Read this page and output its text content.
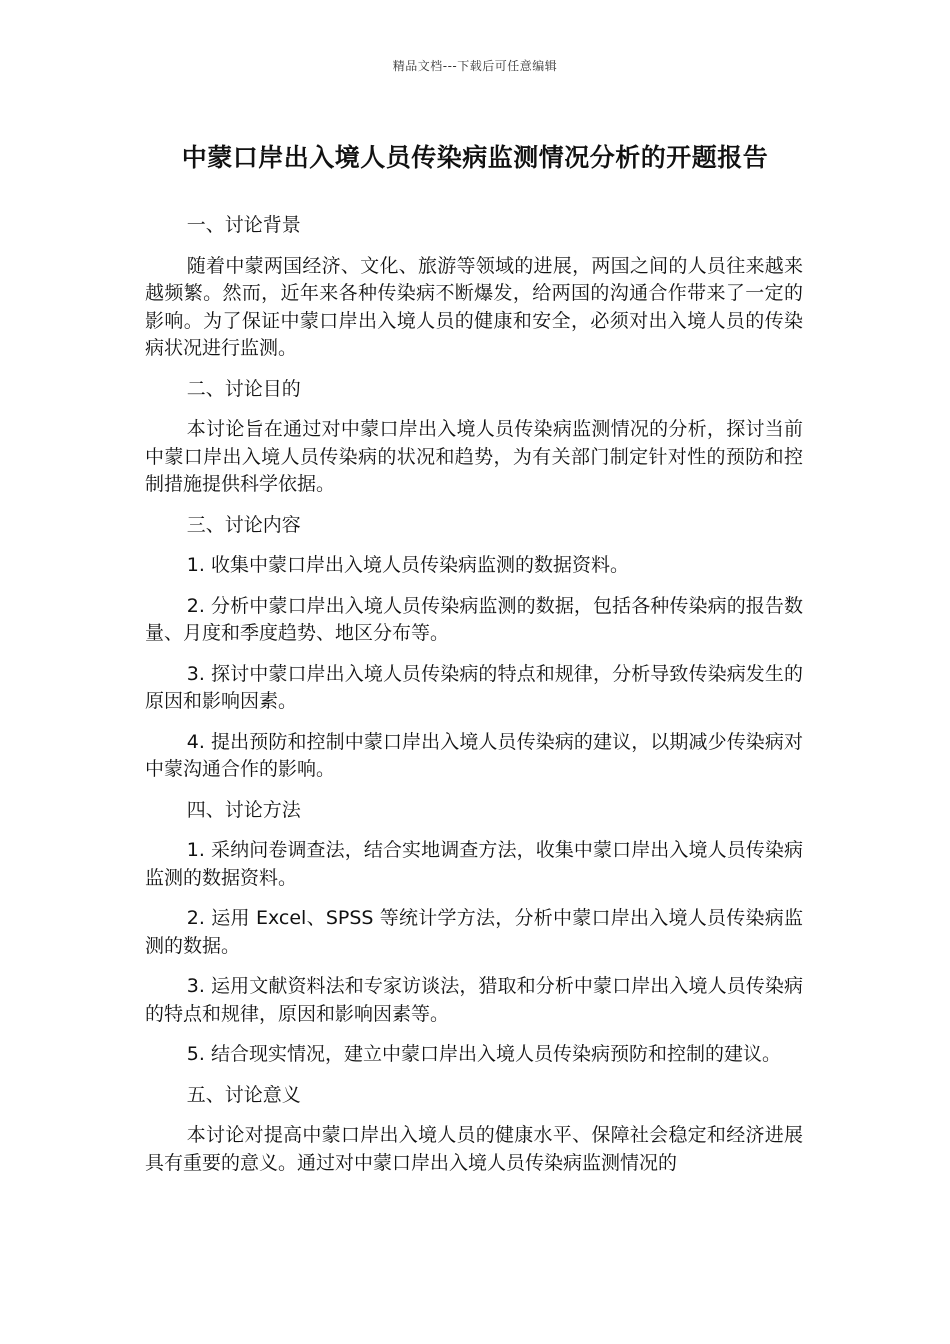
精品文档---下载后可任意编辑
中蒙口岸出入境人员传染病监测情况分析的开题报告

一、讨论背景

随着中蒙两国经济、文化、旅游等领域的进展，两国之间的人员往来越来越频繁。然而，近年来各种传染病不断爆发，给两国的沟通合作带来了一定的影响。为了保证中蒙口岸出入境人员的健康和安全，必须对出入境人员的传染病状况进行监测。

二、讨论目的

本讨论旨在通过对中蒙口岸出入境人员传染病监测情况的分析，探讨当前中蒙口岸出入境人员传染病的状况和趋势，为有关部门制定针对性的预防和控制措施提供科学依据。

三、讨论内容

1. 收集中蒙口岸出入境人员传染病监测的数据资料。

2. 分析中蒙口岸出入境人员传染病监测的数据，包括各种传染病的报告数量、月度和季度趋势、地区分布等。

3. 探讨中蒙口岸出入境人员传染病的特点和规律，分析导致传染病发生的原因和影响因素。

4. 提出预防和控制中蒙口岸出入境人员传染病的建议，以期减少传染病对中蒙沟通合作的影响。

四、讨论方法

1. 采纳问卷调查法，结合实地调查方法，收集中蒙口岸出入境人员传染病监测的数据资料。

2. 运用 Excel、SPSS 等统计学方法，分析中蒙口岸出入境人员传染病监测的数据。

3. 运用文献资料法和专家访谈法，猎取和分析中蒙口岸出入境人员传染病的特点和规律，原因和影响因素等。

5. 结合现实情况，建立中蒙口岸出入境人员传染病预防和控制的建议。

五、讨论意义

本讨论对提高中蒙口岸出入境人员的健康水平、保障社会稳定和经济进展具有重要的意义。通过对中蒙口岸出入境人员传染病监测情况的
